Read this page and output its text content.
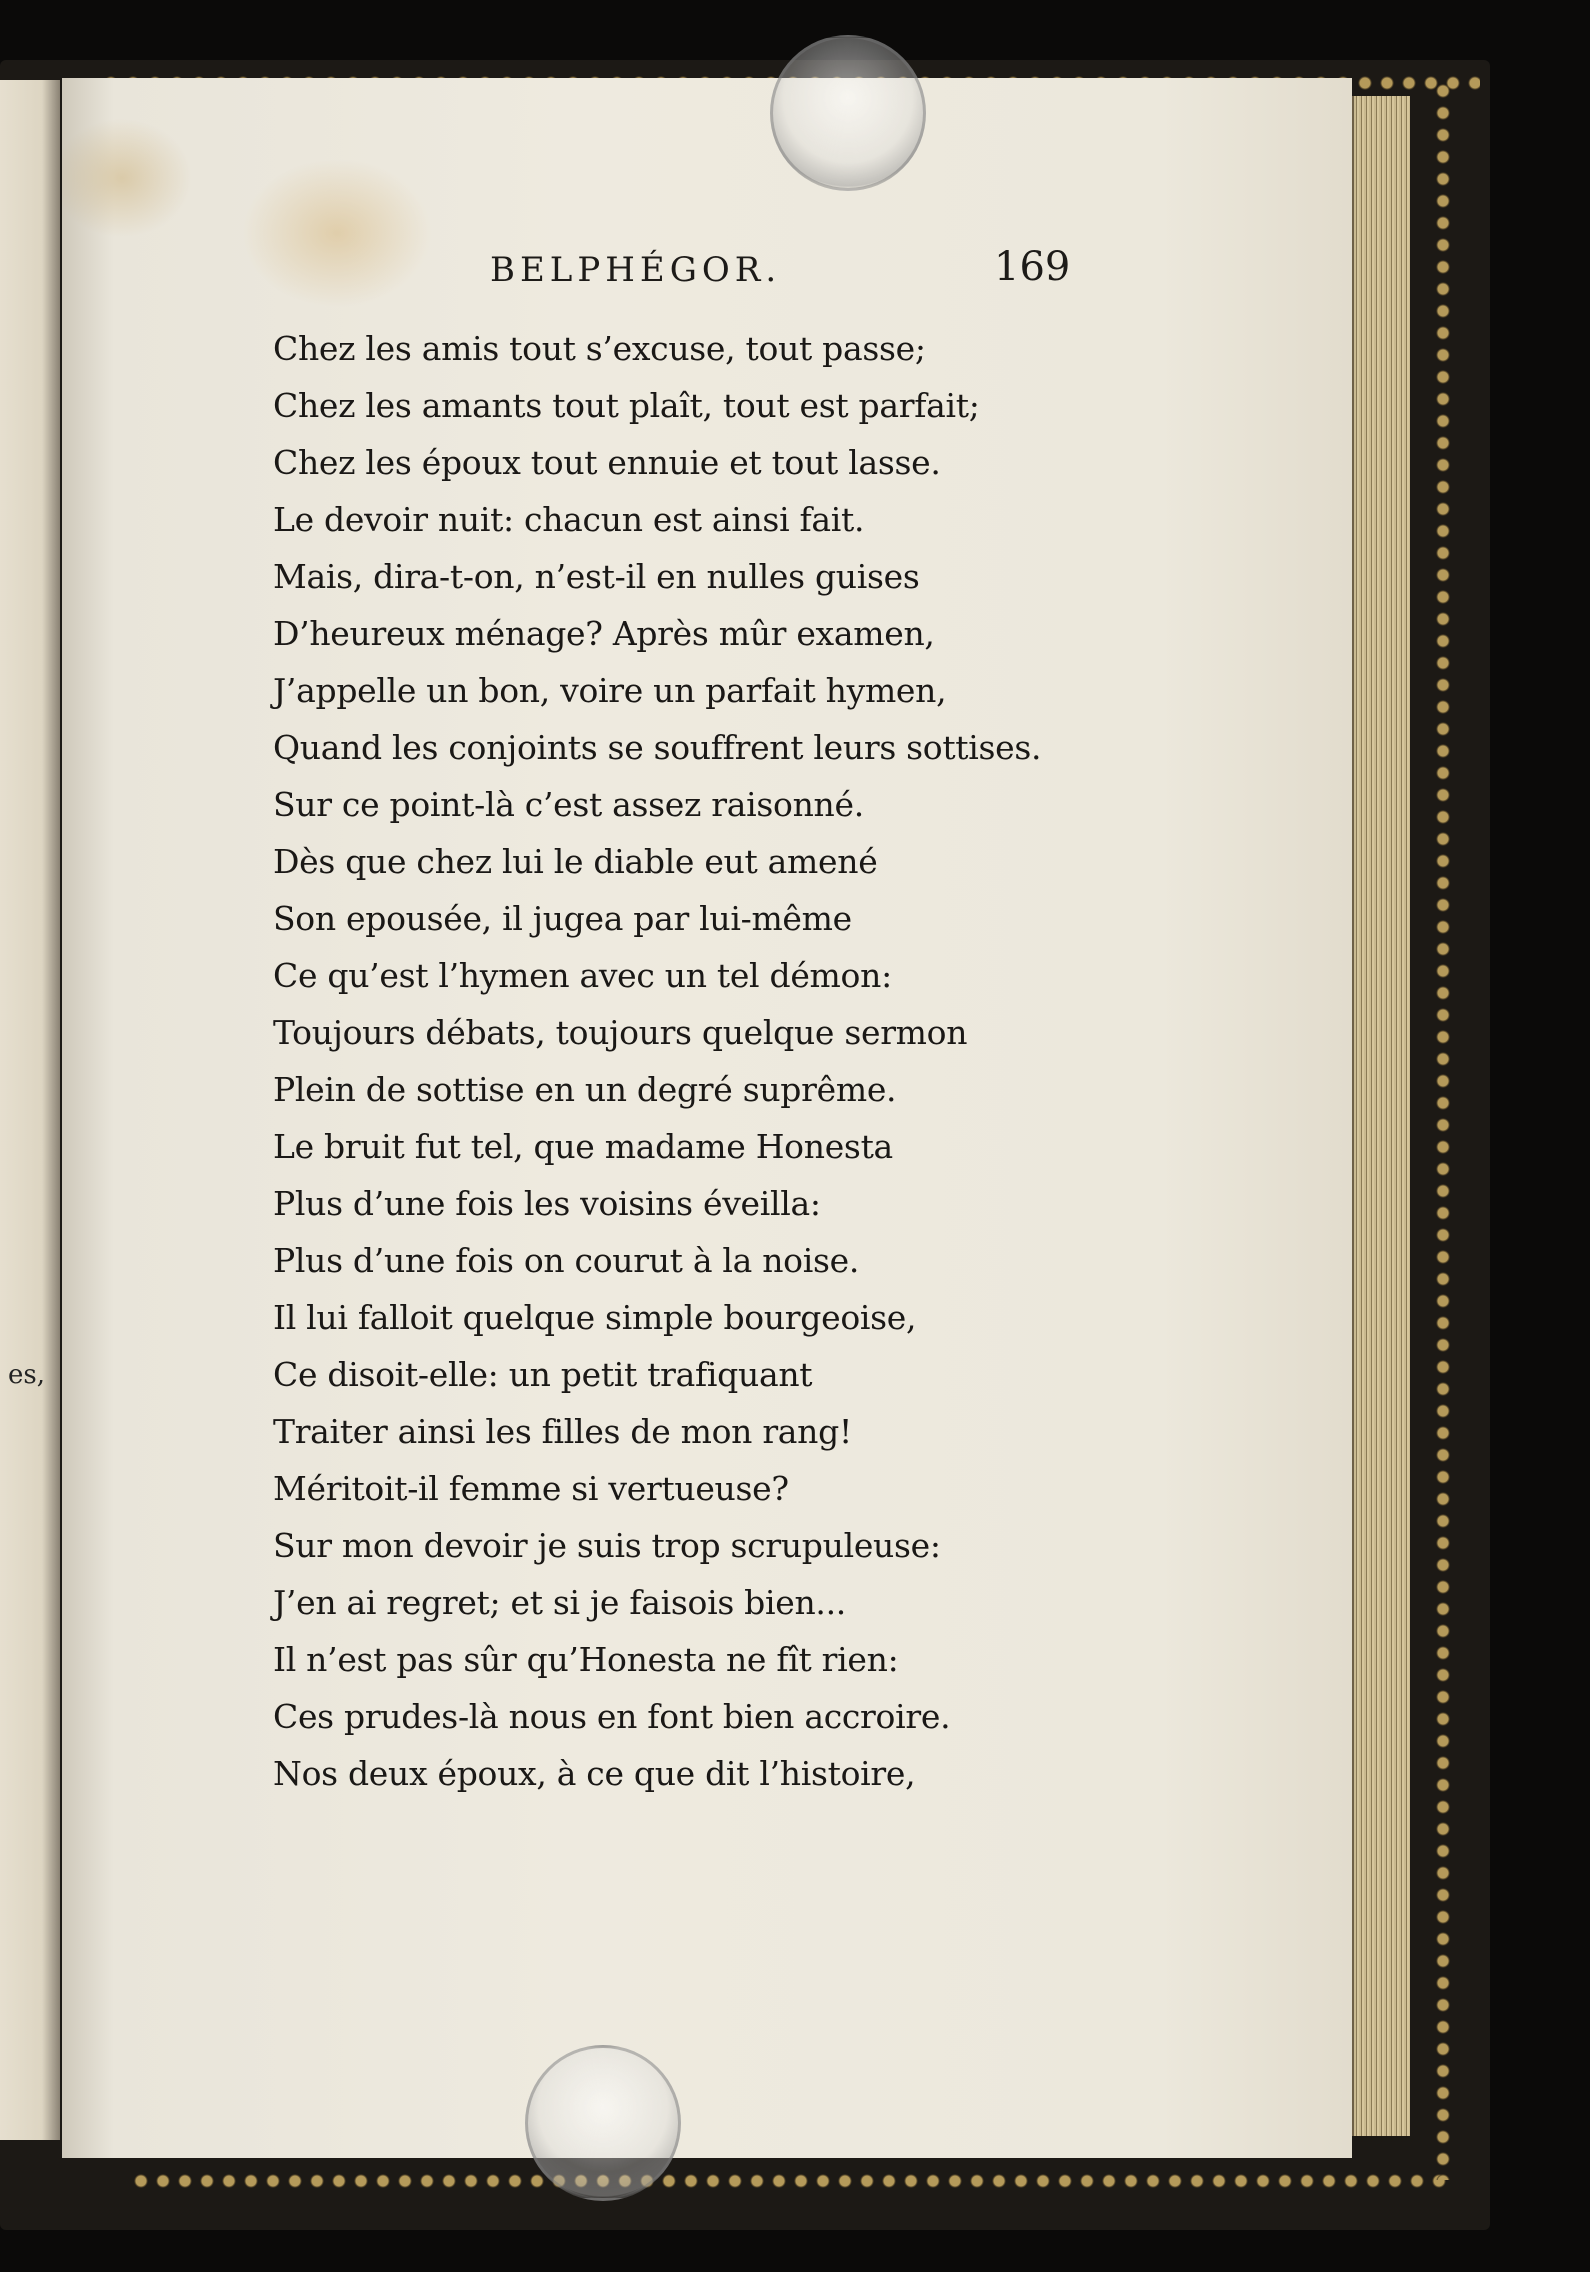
es,
BELPHÉGOR.	169
Chez les amis tout s’excuse, tout passe;
Chez les amants tout plaît, tout est parfait;
Chez les époux tout ennuie et tout lasse.
Le devoir nuit: chacun est ainsi fait.
Mais, dira-t-on, n’est-il en nulles guises
D’heureux ménage? Après mûr examen,
J’appelle un bon, voire un parfait hymen,
Quand les conjoints se souffrent leurs sottises.
Sur ce point-là c’est assez raisonné.
Dès que chez lui le diable eut amené
Son epousée, il jugea par lui-même
Ce qu’est l’hymen avec un tel démon:
Toujours débats, toujours quelque sermon
Plein de sottise en un degré suprême.
Le bruit fut tel, que madame Honesta
Plus d’une fois les voisins éveilla:
Plus d’une fois on courut à la noise.
Il lui falloit quelque simple bourgeoise,
Ce disoit-elle: un petit trafiquant
Traiter ainsi les filles de mon rang!
Méritoit-il femme si vertueuse?
Sur mon devoir je suis trop scrupuleuse:
J’en ai regret; et si je faisois bien...
Il n’est pas sûr qu’Honesta ne fît rien:
Ces prudes-là nous en font bien accroire.
Nos deux époux, à ce que dit l’histoire,
